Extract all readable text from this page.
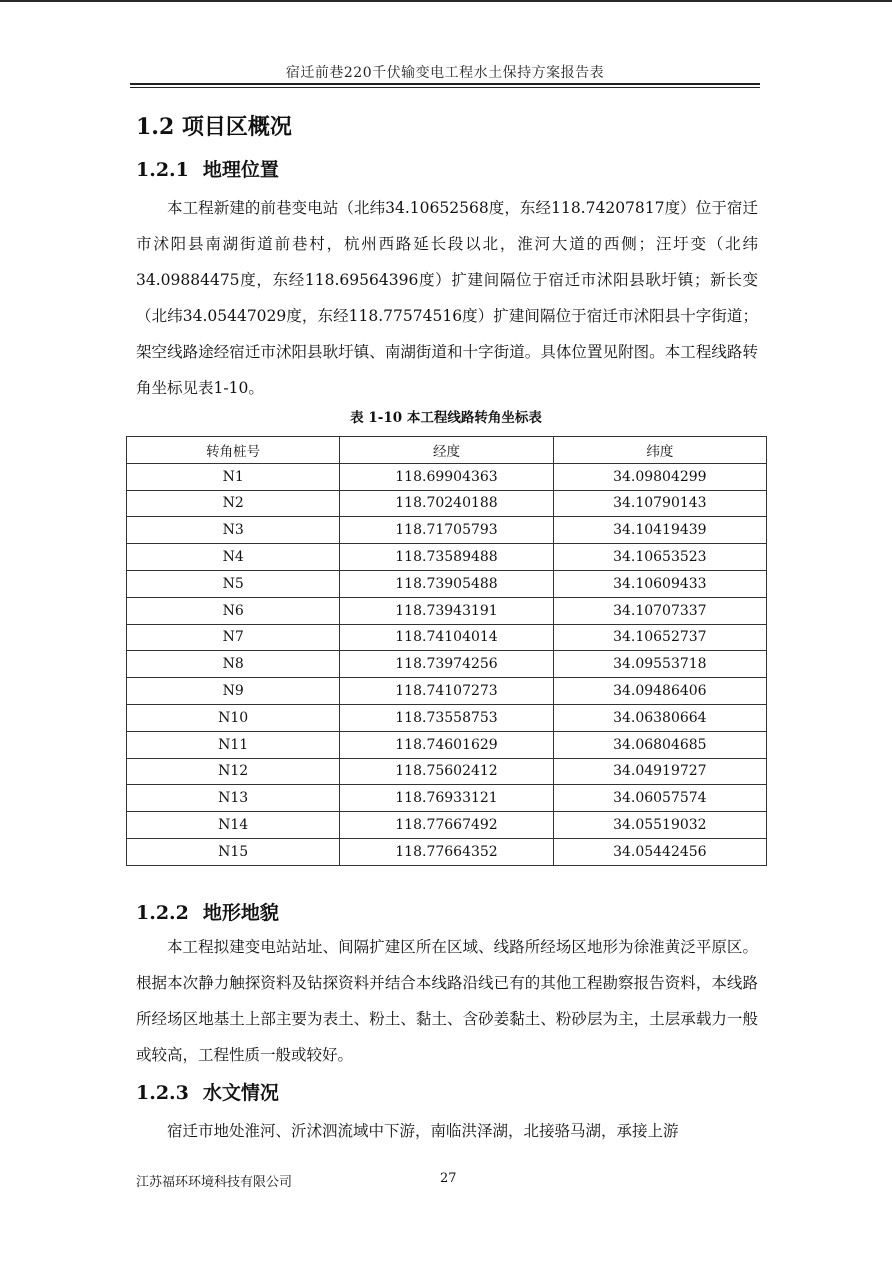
宿迁前巷220千伏输变电工程水土保持方案报告表
1.2 项目区概况
1.2.1 地理位置

本工程新建的前巷变电站（北纬34.10652568度，东经118.74207817度）位于宿迁市沭阳县南湖街道前巷村，杭州西路延长段以北，淮河大道的西侧；汪圩变（北纬34.09884475度，东经118.69564396度）扩建间隔位于宿迁市沭阳县耿圩镇；新长变（北纬34.05447029度，东经118.77574516度）扩建间隔位于宿迁市沭阳县十字街道；架空线路途经宿迁市沭阳县耿圩镇、南湖街道和十字街道。具体位置见附图。本工程线路转角坐标见表1-10。

表 1-10 本工程线路转角坐标表
转角桩号	经度	纬度
N1	118.69904363	34.09804299
N2	118.70240188	34.10790143
N3	118.71705793	34.10419439
N4	118.73589488	34.10653523
N5	118.73905488	34.10609433
N6	118.73943191	34.10707337
N7	118.74104014	34.10652737
N8	118.73974256	34.09553718
N9	118.74107273	34.09486406
N10	118.73558753	34.06380664
N11	118.74601629	34.06804685
N12	118.75602412	34.04919727
N13	118.76933121	34.06057574
N14	118.77667492	34.05519032
N15	118.77664352	34.05442456
1.2.2 地形地貌

本工程拟建变电站站址、间隔扩建区所在区域、线路所经场区地形为徐淮黄泛平原区。根据本次静力触探资料及钻探资料并结合本线路沿线已有的其他工程勘察报告资料，本线路所经场区地基土上部主要为表土、粉土、黏土、含砂姜黏土、粉砂层为主，土层承载力一般或较高，工程性质一般或较好。

1.2.3 水文情况

宿迁市地处淮河、沂沭泗流域中下游，南临洪泽湖，北接骆马湖，承接上游

江苏福环环境科技有限公司	27
